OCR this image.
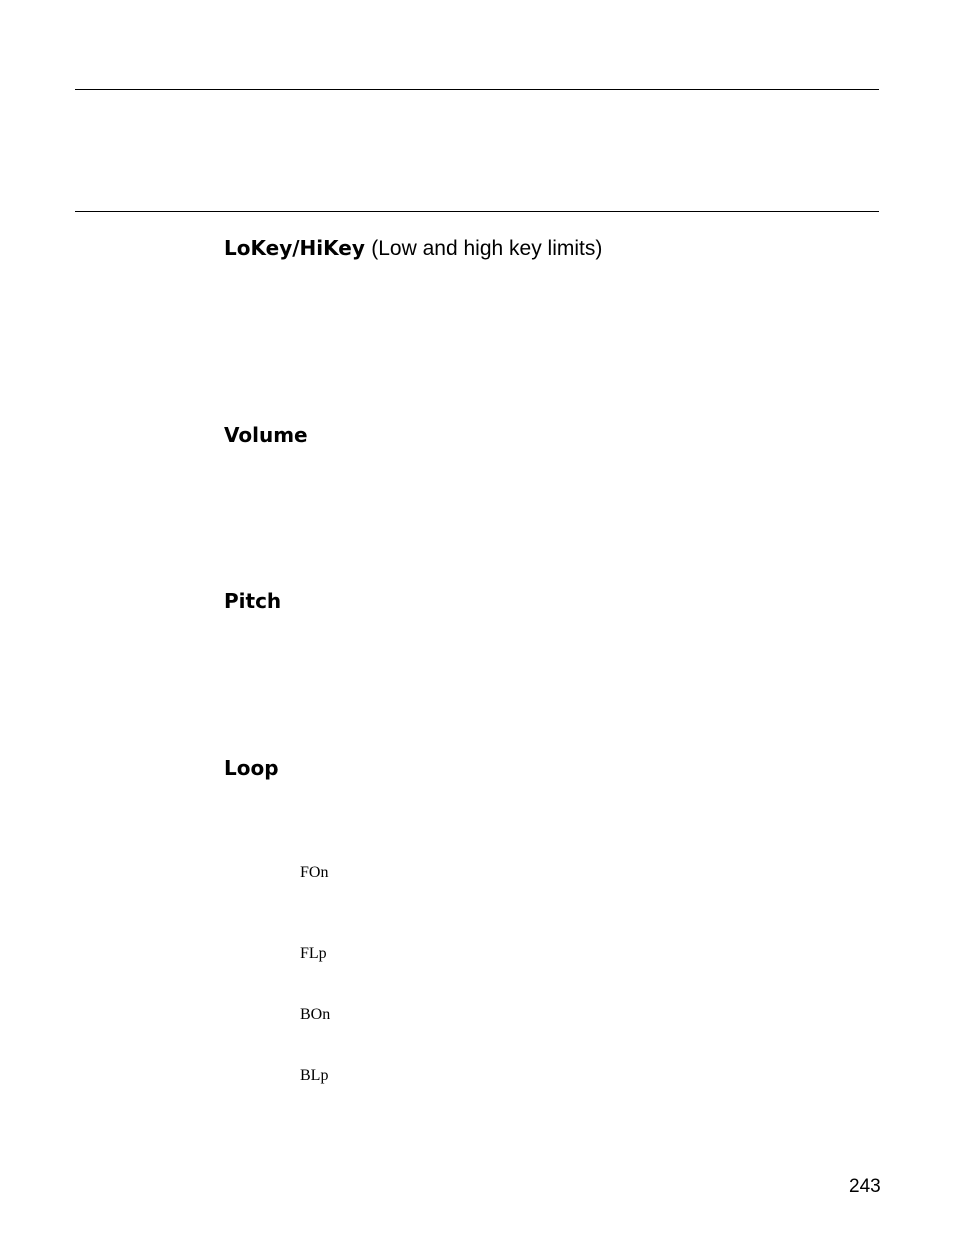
LoKey/HiKey (Low and high key limits)
Volume
Pitch
Loop
FOn
FLp
BOn
BLp
243
